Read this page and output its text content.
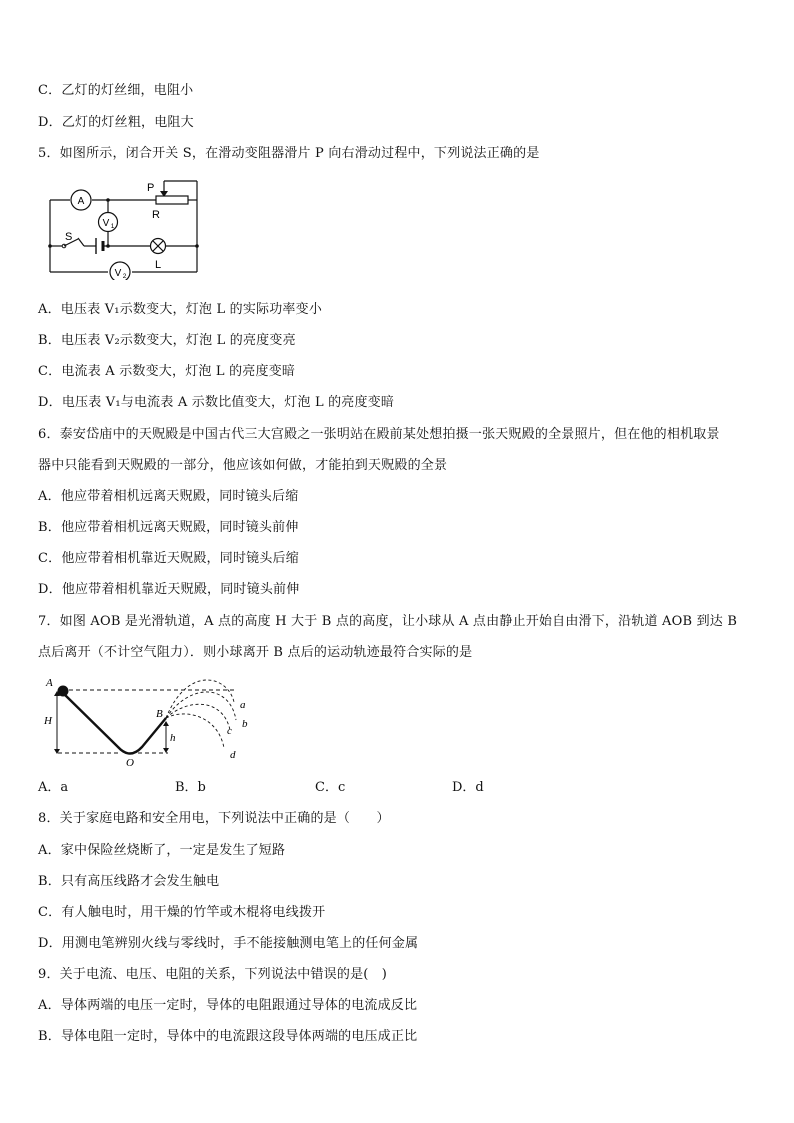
C．乙灯的灯丝细，电阻小
D．乙灯的灯丝粗，电阻大
5．如图所示，闭合开关 S，在滑动变阻器滑片 P 向右滑动过程中，下列说法正确的是
A
V 1
V 2
P
R
S
L
A．电压表 V₁示数变大，灯泡 L 的实际功率变小
B．电压表 V₂示数变大，灯泡 L 的亮度变亮
C．电流表 A 示数变大，灯泡 L 的亮度变暗
D．电压表 V₁与电流表 A 示数比值变大，灯泡 L 的亮度变暗
6．泰安岱庙中的天贶殿是中国古代三大宫殿之一张明站在殿前某处想拍摄一张天贶殿的全景照片，但在他的相机取景
器中只能看到天贶殿的一部分，他应该如何做，才能拍到天贶殿的全景
A．他应带着相机远离天贶殿，同时镜头后缩
B．他应带着相机远离天贶殿，同时镜头前伸
C．他应带着相机靠近天贶殿，同时镜头后缩
D．他应带着相机靠近天贶殿，同时镜头前伸
7．如图 AOB 是光滑轨道，A 点的高度 H 大于 B 点的高度，让小球从 A 点由静止开始自由滑下，沿轨道 AOB 到达 B
点后离开（不计空气阻力）．则小球离开 B 点后的运动轨迹最符合实际的是
A
H
O
B
h
a
b
c
d
A．a	B．b	C．c	D．d
8．关于家庭电路和安全用电，下列说法中正确的是（　　）
A．家中保险丝烧断了，一定是发生了短路
B．只有高压线路才会发生触电
C．有人触电时，用干燥的竹竿或木棍将电线拨开
D．用测电笔辨别火线与零线时，手不能接触测电笔上的任何金属
9．关于电流、电压、电阻的关系，下列说法中错误的是(　)
A．导体两端的电压一定时，导体的电阻跟通过导体的电流成反比
B．导体电阻一定时，导体中的电流跟这段导体两端的电压成正比
